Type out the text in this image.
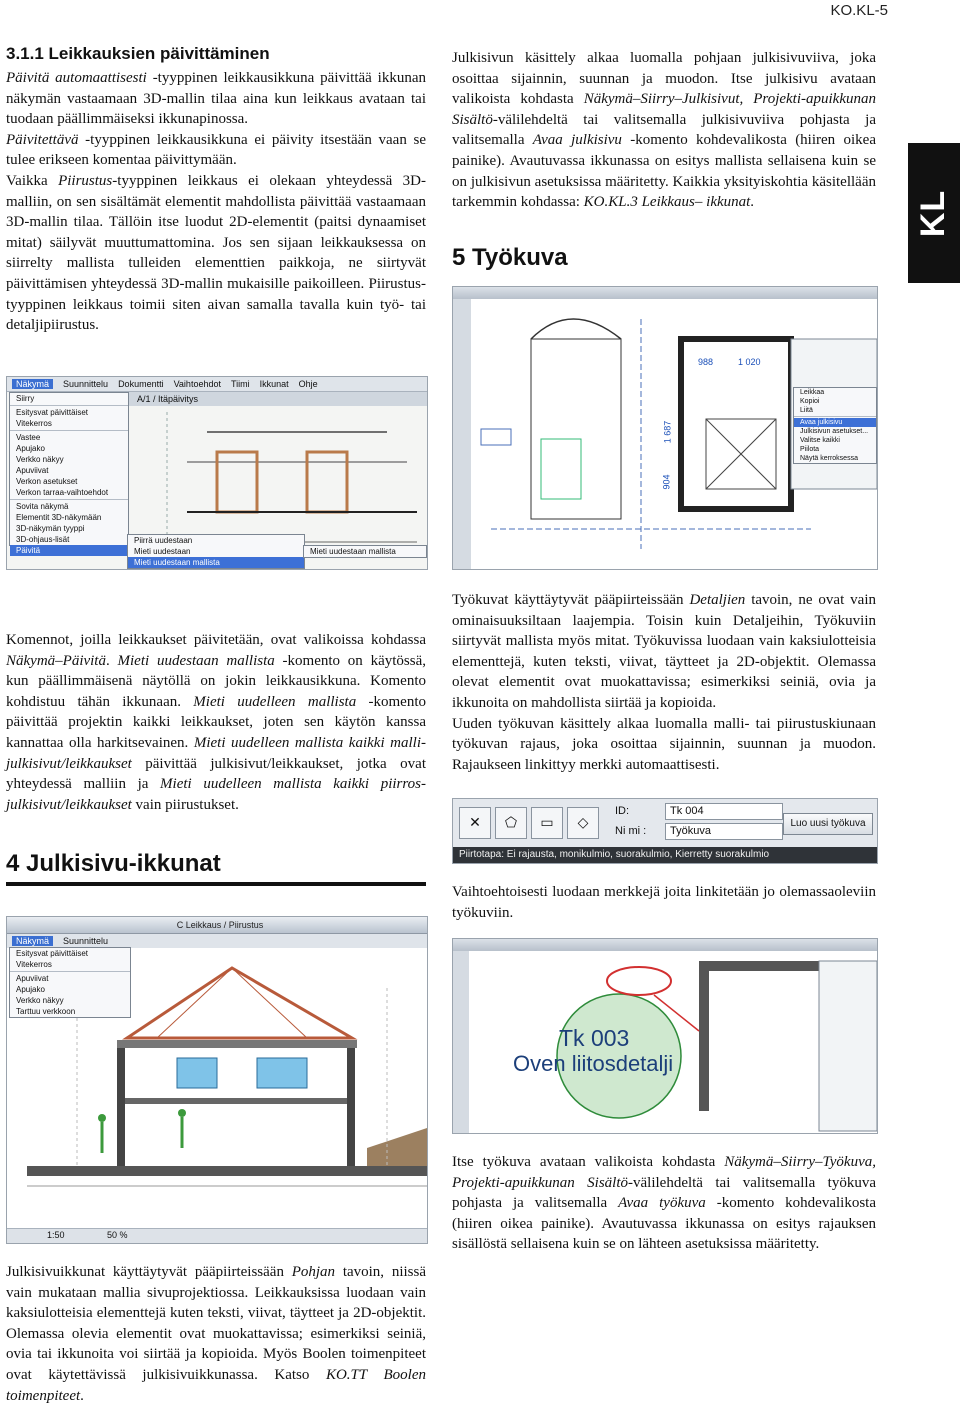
KO.KL-5
KL
3.1.1 Leikkauksien päivittäminen

Päivitä automaattisesti -tyyppinen leikkausikkuna päivittää ikkunan näkymän vastaamaan 3D-mallin tilaa aina kun leikkaus avataan tai tuodaan päällimmäiseksi ikkunapinossa.

Päivitettävä -tyyppinen leikkausikkuna ei päivity itsestään vaan se tulee erikseen komentaa päivittymään.

Vaikka Piirustus-tyyppinen leikkaus ei olekaan yhteydessä 3D-malliin, on sen sisältämät elementit mahdollista päivittää vastaamaan 3D-mallin tilaa. Tällöin itse luodut 2D-elementit (paitsi dynaamiset mitat) säilyvät muuttumattomina. Jos sen sijaan leikkauksessa on siirrelty mallista tulleiden elementtien paikkoja, ne siirtyvät päivittämisen yhteydessä 3D-mallin mukaisille paikoilleen. Piirustus-tyyppinen leikkaus toimii siten aivan samalla tavalla kuin työ- tai detaljipiirustus.

Näkymä Suunnittelu Dokumentti Vaihtoehdot Tiimi Ikkunat Ohje
A/1 / Itäpäivitys
Siirry
Esitysvat päivittäiset
Vitekerros
Vastee
Apujako
Verkko näkyy
Apuviivat
Verkon asetukset
Verkon tarraa-vaihtoehdot
Sovita näkymä
Elementit 3D-näkymään
3D-näkymän tyyppi
3D-ohjaus-lisät
Päivitä
Piirrä uudestaan
Mieti uudestaan
Mieti uudestaan mallista
Mieti uudestaan mallista

Komennot, joilla leikkaukset päivitetään, ovat valikoissa kohdassa Näkymä–Päivitä. Mieti uudestaan mallista -komento on käytössä, kun päällimmäisenä näytöllä on jokin leikkausikkuna. Komento kohdistuu tähän ikkunaan. Mieti uudelleen mallista -komento päivittää projektin kaikki leikkaukset, joten sen käytön kanssa kannattaa olla harkitsevainen. Mieti uudelleen mallista kaikki malli-julkisivut/leikkaukset päivittää julkisivut/leikkaukset, jotka ovat yhteydessä malliin ja Mieti uudelleen mallista kaikki piirros-julkisivut/leikkaukset vain piirustukset.

4 Julkisivu-ikkunat
C Leikkaus / Piirustus
Näkymä Suunnittelu
Esitysvat päivittäiset
Vitekerros
Apuviivat
Apujako
Verkko näkyy
Tarttuu verkkoon
1:50	50 %

Julkisivuikkunat käyttäytyvät pääpiirteissään Pohjan tavoin, niissä vain mukataan mallia sivuprojektiossa. Leikkauksissa luodaan vain kaksiulotteisia elementtejä kuten teksti, viivat, täytteet ja 2D-objektit. Olemassa olevia elementit ovat muokattavissa; esimerkiksi seiniä, ovia tai ikkunoita voi siirtää ja kopioida. Myös Boolen toimenpiteet ovat käytettävissä julkisivuikkunassa. Katso KO.TT Boolen toimenpiteet.

Julkisivun käsittely alkaa luomalla pohjaan julkisivuviiva, joka osoittaa sijainnin, suunnan ja muodon. Itse julkisivu avataan valikoista kohdasta Näkymä–Siirry–Julkisivut, Projekti-apuikkunan Sisältö-välilehdeltä tai valitsemalla julkisivuviiva pohjasta ja valitsemalla Avaa julkisivu -komento kohdevalikosta (hiiren oikea painike). Avautuvassa ikkunassa on esitys mallista sellaisena kuin se on julkisivun asetuksissa määritetty. Kaikkia yksityiskohtia käsitellään tarkemmin kohdassa: KO.KL.3 Leikkaus– ikkunat.

5 Työkuva
988	1 020
1 687
904
Leikkaa
Kopioi
Liitä
Avaa julkisivu
Julkisivun asetukset...
Valitse kaikki
Piilota
Näytä kerroksessa

Työkuvat käyttäytyvät pääpiirteissään Detaljien tavoin, ne ovat vain ominaisuuksiltaan laajempia. Toisin kuin Detaljeihin, Työkuviin siirtyvät mallista myös mitat. Työkuvissa luodaan vain kaksiulotteisia elementtejä, kuten teksti, viivat, täytteet ja 2D-objektit. Olemassa olevat elementit ovat muokattavissa; esimerkiksi seiniä, ovia ja ikkunoita on mahdollista siirtää ja kopioida.

Uuden työkuvan käsittely alkaa luomalla malli- tai piirustuskiunaan työkuvan rajaus, joka osoittaa sijainnin, suunnan ja muodon. Rajaukseen linkittyy merkki automaattisesti.

✕	⬠	▭	◇
ID:	Tk 004
Ni mi :	Työkuva
Luo uusi työkuva
Piirtotapa: Ei rajausta, monikulmio, suorakulmio, Kierretty suorakulmio

Vaihtoehtoisesti luodaan merkkejä joita linkitetään jo olemassaoleviin työkuviin.

Tk 003
Oven liitosdetalji

Itse työkuva avataan valikoista kohdasta Näkymä–Siirry–Työkuva, Projekti-apuikkunan Sisältö-välilehdeltä tai valitsemalla työkuva pohjasta ja valitsemalla Avaa työkuva -komento kohdevalikosta (hiiren oikea painike). Avautuvassa ikkunassa on esitys rajauksen sisällöstä sellaisena kuin se on lähteen asetuksissa määritetty.
